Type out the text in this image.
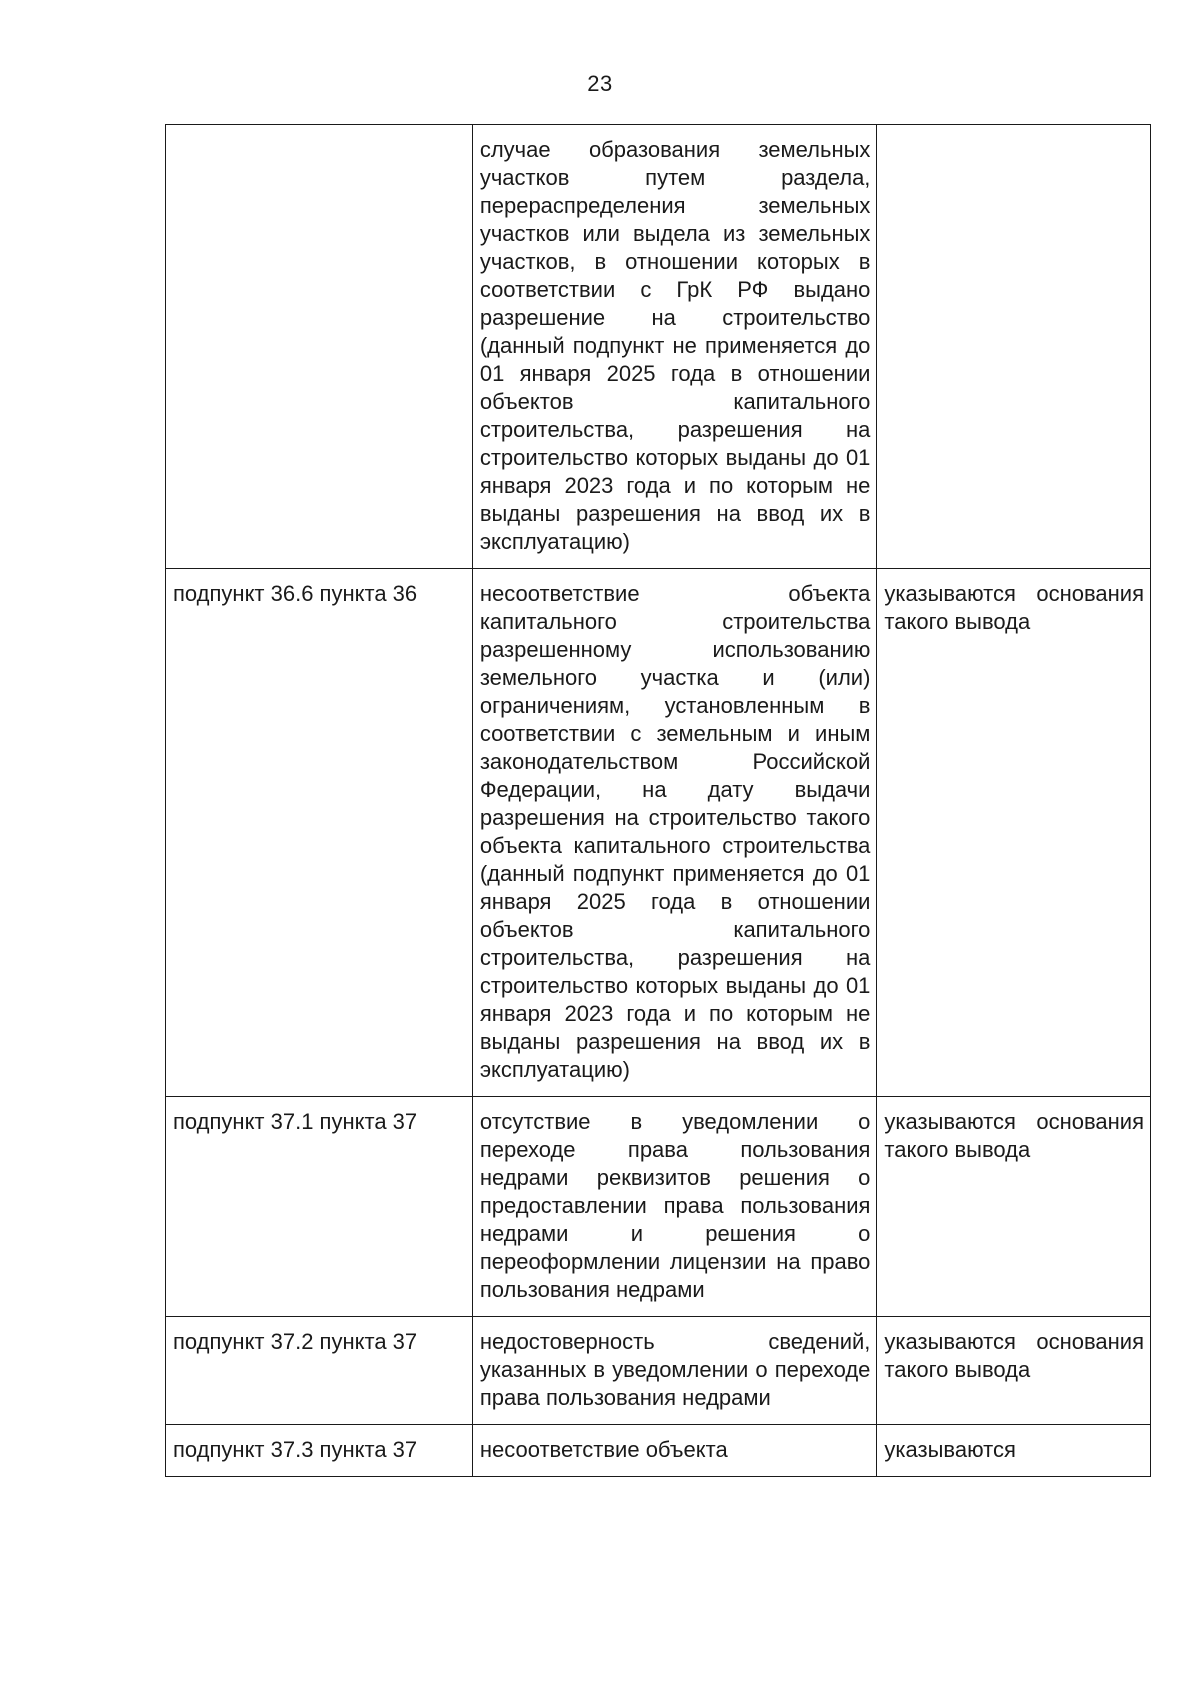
23
	случае образования земельных участков путем раздела, перераспределения земельных участков или выдела из земельных участков, в отношении которых в соответствии с ГрК РФ выдано разрешение на строительство (данный подпункт не применяется до 01 января 2025 года в отношении объектов капитального строительства, разрешения на строительство которых выданы до 01 января 2023 года и по которым не выданы разрешения на ввод их в эксплуатацию)	
подпункт 36.6 пункта 36	несоответствие объекта капитального строительства разрешенному использованию земельного участка и (или) ограничениям, установленным в соответствии с земельным и иным законодательством Российской Федерации, на дату выдачи разрешения на строительство такого объекта капитального строительства (данный подпункт применяется до 01 января 2025 года в отношении объектов капитального строительства, разрешения на строительство которых выданы до 01 января 2023 года и по которым не выданы разрешения на ввод их в эксплуатацию)	указываются основания такого вывода
подпункт 37.1 пункта 37	отсутствие в уведомлении о переходе права пользования недрами реквизитов решения о предоставлении права пользования недрами и решения о переоформлении лицензии на право пользования недрами	указываются основания такого вывода
подпункт 37.2 пункта 37	недостоверность сведений, указанных в уведомлении о переходе права пользования недрами	указываются основания такого вывода
подпункт 37.3 пункта 37	несоответствие объекта	указываются
